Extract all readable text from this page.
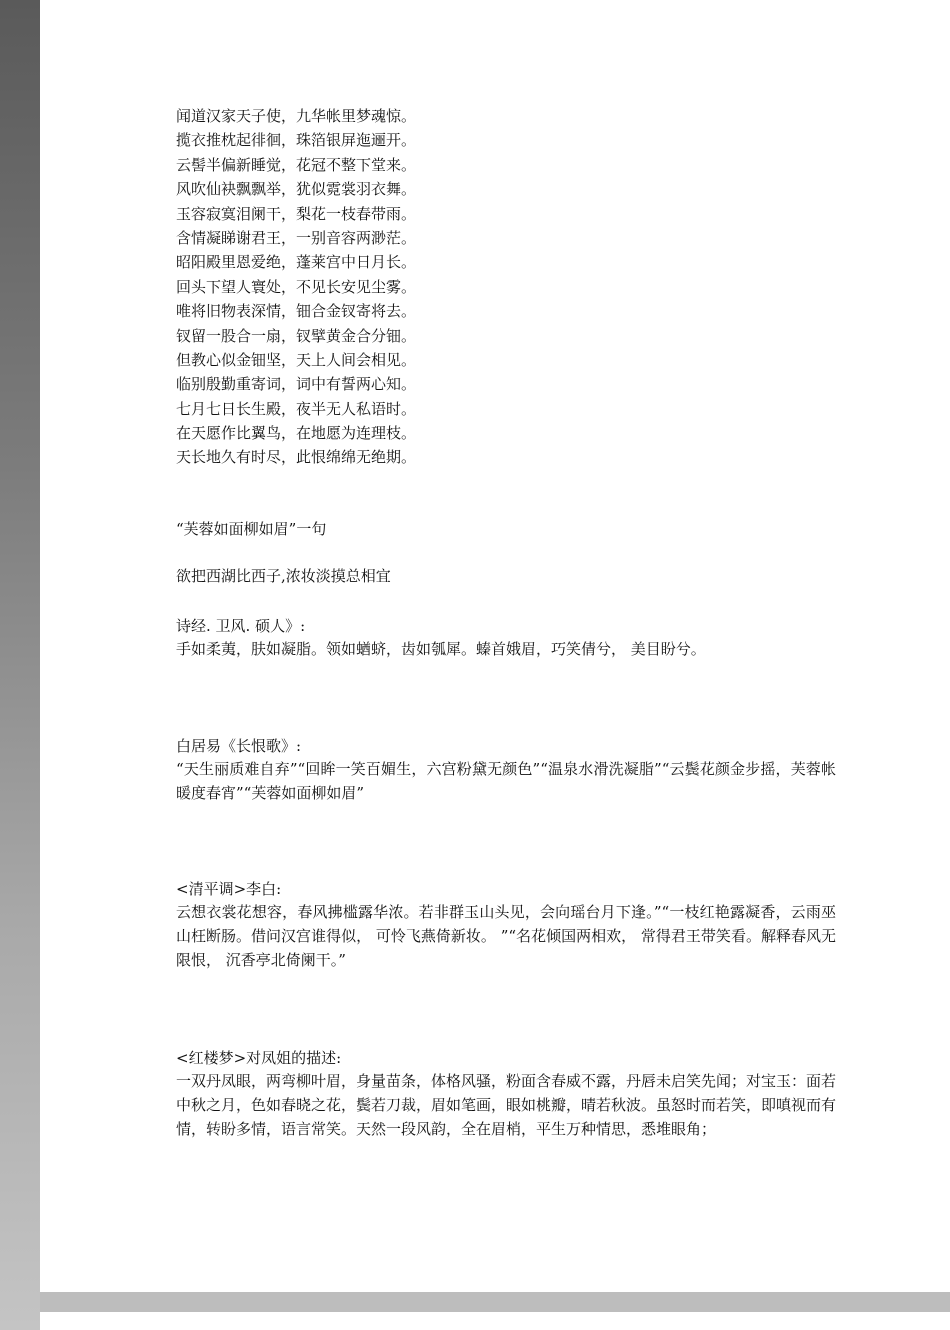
闻道汉家天子使，九华帐里梦魂惊。
揽衣推枕起徘徊，珠箔银屏迤逦开。
云髻半偏新睡觉，花冠不整下堂来。
风吹仙袂飘飘举，犹似霓裳羽衣舞。
玉容寂寞泪阑干，梨花一枝春带雨。
含情凝睇谢君王，一别音容两渺茫。
昭阳殿里恩爱绝，蓬莱宫中日月长。
回头下望人寰处，不见长安见尘雾。
唯将旧物表深情，钿合金钗寄将去。
钗留一股合一扇，钗擘黄金合分钿。
但教心似金钿坚，天上人间会相见。
临别殷勤重寄词，词中有誓两心知。
七月七日长生殿，夜半无人私语时。
在天愿作比翼鸟，在地愿为连理枝。
天长地久有时尽，此恨绵绵无绝期。
“芙蓉如面柳如眉”一句
欲把西湖比西子,浓妆淡摸总相宜
诗经. 卫风. 硕人》:
手如柔荑，肤如凝脂。领如蝤蛴，齿如瓠犀。螓首娥眉，巧笑倩兮， 美目盼兮。
白居易《长恨歌》:
“天生丽质难自弃”“回眸一笑百媚生，六宫粉黛无颜色”“温泉水滑洗凝脂”“云鬓花颜金步摇，芙蓉帐暖度春宵”“芙蓉如面柳如眉”
<清平调>李白:
云想衣裳花想容，春风拂槛露华浓。若非群玉山头见，会向瑶台月下逢。”“一枝红艳露凝香，云雨巫山枉断肠。借问汉宫谁得似， 可怜飞燕倚新妆。 ”“名花倾国两相欢， 常得君王带笑看。解释春风无限恨， 沉香亭北倚阑干。”
<红楼梦>对凤姐的描述:
一双丹凤眼，两弯柳叶眉，身量苗条，体格风骚，粉面含春威不露，丹唇未启笑先闻；对宝玉：面若中秋之月，色如春晓之花，鬓若刀裁，眉如笔画，眼如桃瓣，晴若秋波。虽怒时而若笑，即嗔视而有情，转盼多情，语言常笑。天然一段风韵，全在眉梢，平生万种情思，悉堆眼角；
